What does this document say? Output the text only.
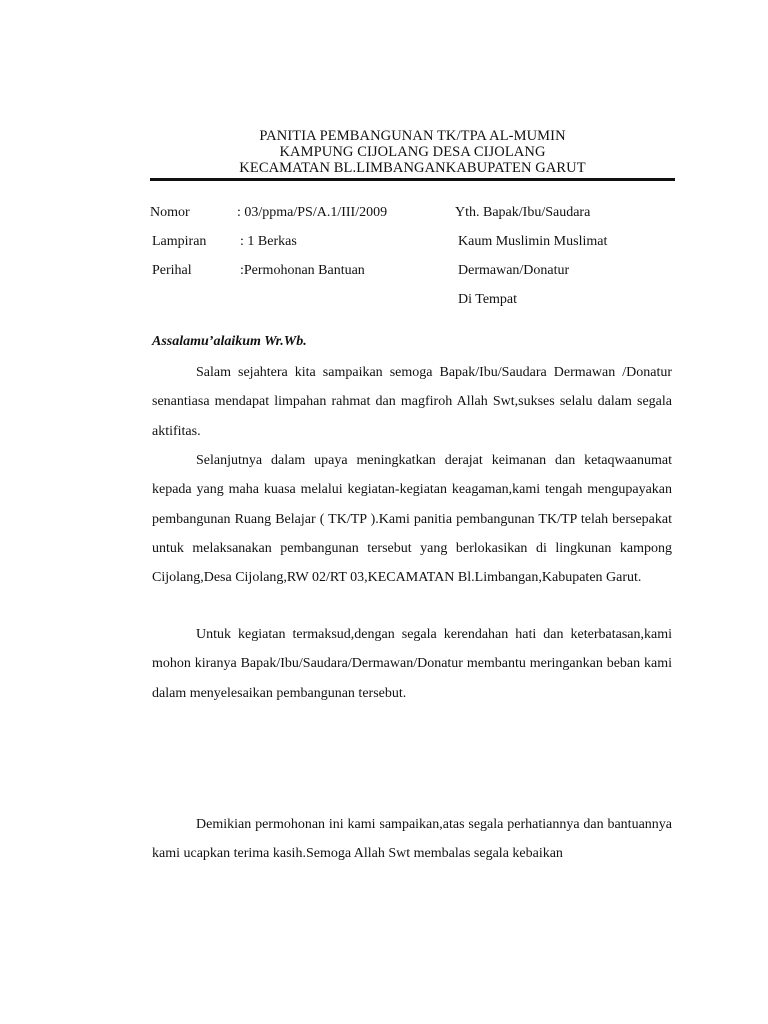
PANITIA PEMBANGUNAN TK/TPA AL-MUMIN
KAMPUNG CIJOLANG DESA CIJOLANG
KECAMATAN BL.LIMBANGANKABUPATEN GARUT
Nomor	: 03/ppma/PS/A.1/III/2009
Lampiran : 1 Berkas
Perihal	:Permohonan Bantuan
Yth. Bapak/Ibu/Saudara
Kaum Muslimin Muslimat
Dermawan/Donatur
Di Tempat
Assalamu’alaikum Wr.Wb.
Salam sejahtera kita sampaikan semoga Bapak/Ibu/Saudara Dermawan /Donatur senantiasa mendapat limpahan rahmat dan magfiroh Allah Swt,sukses selalu dalam segala aktifitas.
Selanjutnya dalam upaya meningkatkan derajat keimanan dan ketaqwaanumat kepada yang maha kuasa melalui kegiatan-kegiatan keagaman,kami tengah mengupayakan pembangunan Ruang Belajar ( TK/TP ).Kami panitia pembangunan TK/TP telah bersepakat untuk melaksanakan pembangunan tersebut yang berlokasikan di lingkunan kampong Cijolang,Desa Cijolang,RW 02/RT 03,KECAMATAN Bl.Limbangan,Kabupaten Garut.
Untuk kegiatan termaksud,dengan segala kerendahan hati dan keterbatasan,kami mohon kiranya Bapak/Ibu/Saudara/Dermawan/Donatur membantu meringankan beban kami dalam menyelesaikan pembangunan tersebut.
Demikian permohonan ini kami sampaikan,atas segala perhatiannya dan bantuannya kami ucapkan terima kasih.Semoga Allah Swt membalas segala kebaikan
